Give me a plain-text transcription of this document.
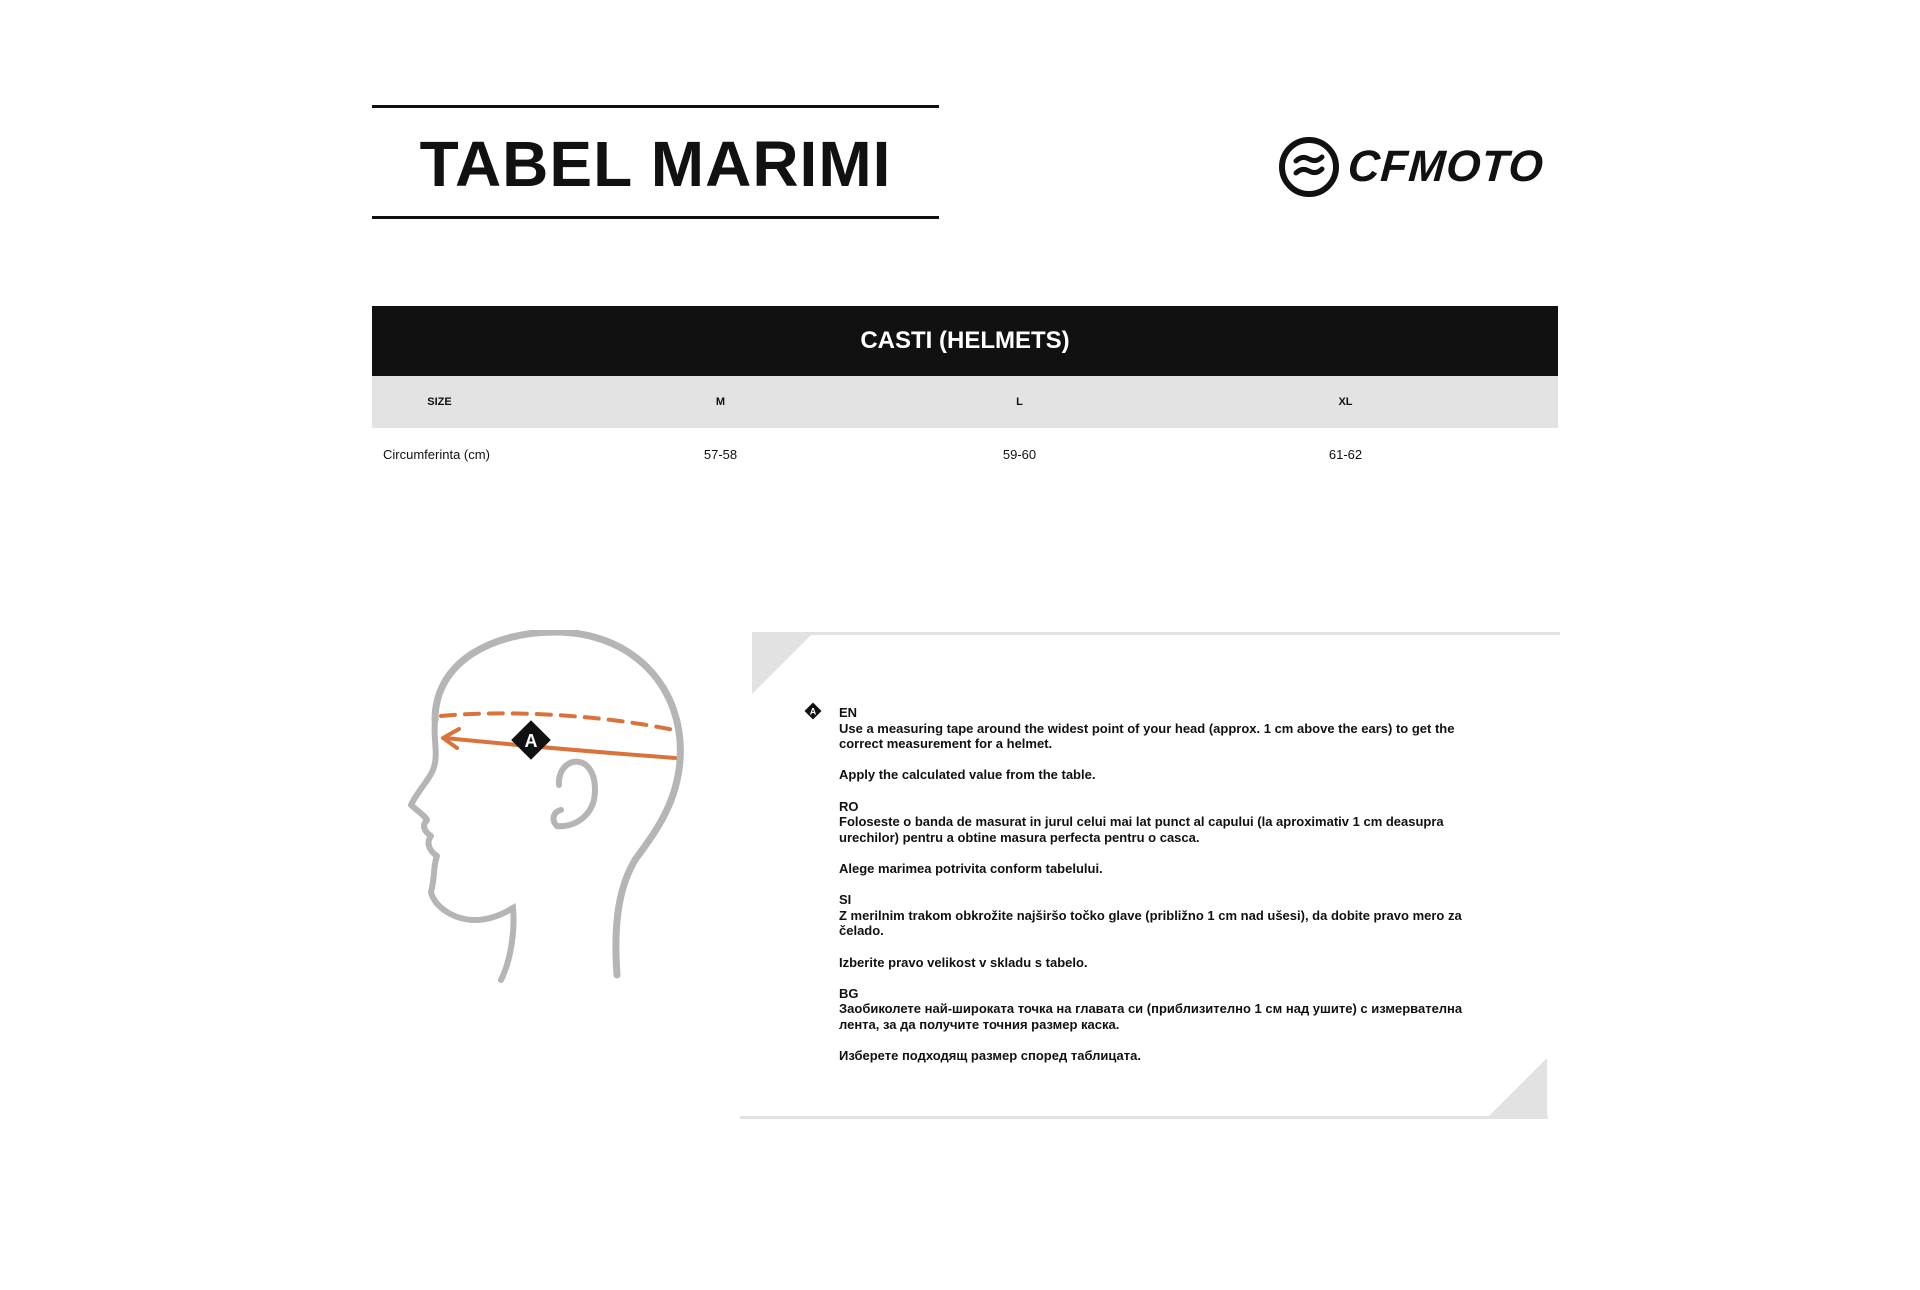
TABEL MARIMI	CFMOTO
CASTI (HELMETS)
SIZE	M	L	XL
Circumferinta (cm)	57-58	59-60	61-62
A
A EN
Use a measuring tape around the widest point of your head (approx. 1 cm above the ears) to get the correct measurement for a helmet.
Apply the calculated value from the table.
RO
Foloseste o banda de masurat in jurul celui mai lat punct al capului (la aproximativ 1 cm deasupra urechilor) pentru a obtine masura perfecta pentru o casca.
Alege marimea potrivita conform tabelului.
SI
Z merilnim trakom obkrožite najširšo točko glave (približno 1 cm nad ušesi), da dobite pravo mero za čelado.
Izberite pravo velikost v skladu s tabelo.
BG
Заобиколете най-широката точка на главата си (приблизително 1 см над ушите) с измервателна лента, за да получите точния размер каска.
Изберете подходящ размер според таблицата.
